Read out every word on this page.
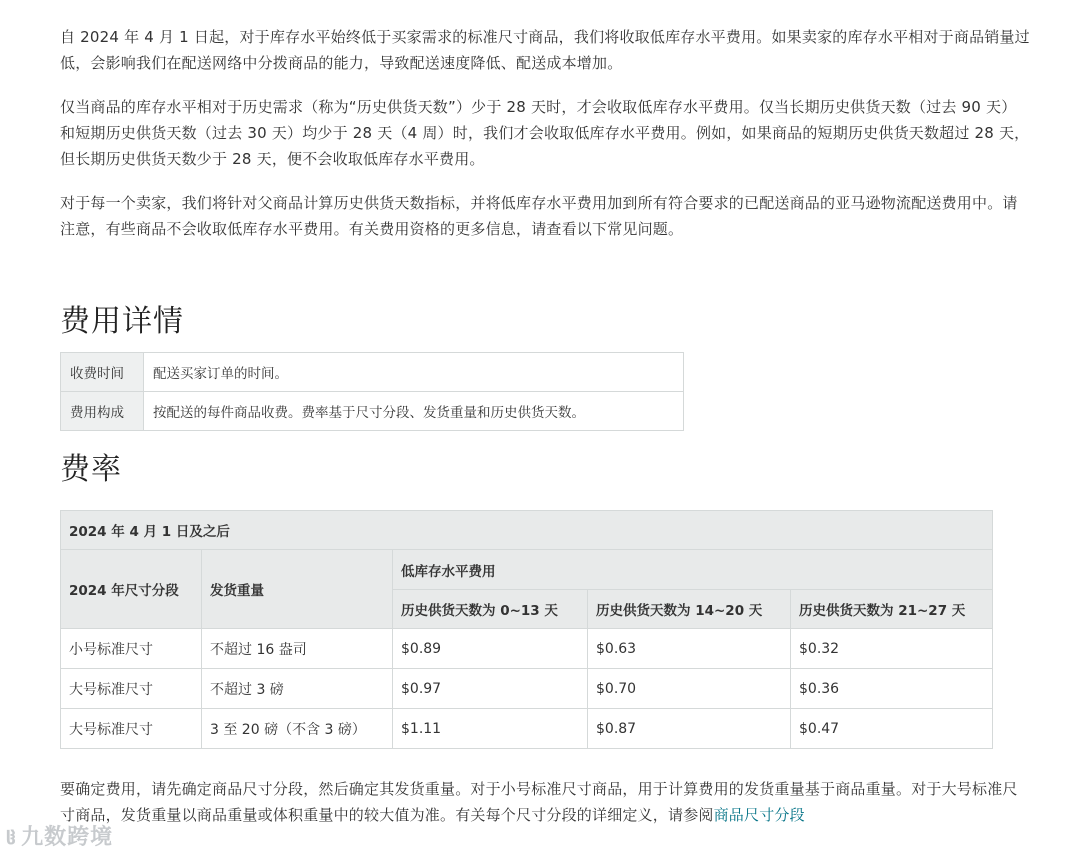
自 2024 年 4 月 1 日起，对于库存水平始终低于买家需求的标准尺寸商品，我们将收取低库存水平费用。如果卖家的库存水平相对于商品销量过低，会影响我们在配送网络中分拨商品的能力，导致配送速度降低、配送成本增加。

仅当商品的库存水平相对于历史需求（称为“历史供货天数”）少于 28 天时，才会收取低库存水平费用。仅当长期历史供货天数（过去 90 天）和短期历史供货天数（过去 30 天）均少于 28 天（4 周）时，我们才会收取低库存水平费用。例如，如果商品的短期历史供货天数超过 28 天，但长期历史供货天数少于 28 天，便不会收取低库存水平费用。

对于每一个卖家，我们将针对父商品计算历史供货天数指标，并将低库存水平费用加到所有符合要求的已配送商品的亚马逊物流配送费用中。请注意，有些商品不会收取低库存水平费用。有关费用资格的更多信息，请查看以下常见问题。

费用详情
收费时间	配送买家订单的时间。
费用构成	按配送的每件商品收费。费率基于尺寸分段、发货重量和历史供货天数。
费率
2024 年 4 月 1 日及之后				
2024 年尺寸分段	发货重量	低库存水平费用		
		历史供货天数为 0~13 天	历史供货天数为 14~20 天	历史供货天数为 21~27 天
小号标准尺寸	不超过 16 盎司	$0.89	$0.63	$0.32
大号标准尺寸	不超过 3 磅	$0.97	$0.70	$0.36
大号标准尺寸	3 至 20 磅（不含 3 磅）	$1.11	$0.87	$0.47

要确定费用，请先确定商品尺寸分段，然后确定其发货重量。对于小号标准尺寸商品，用于计算费用的发货重量基于商品重量。对于大号标准尺寸商品，发货重量以商品重量或体积重量中的较大值为准。有关每个尺寸分段的详细定义，请参阅商品尺寸分段

ჱ 九数跨境
